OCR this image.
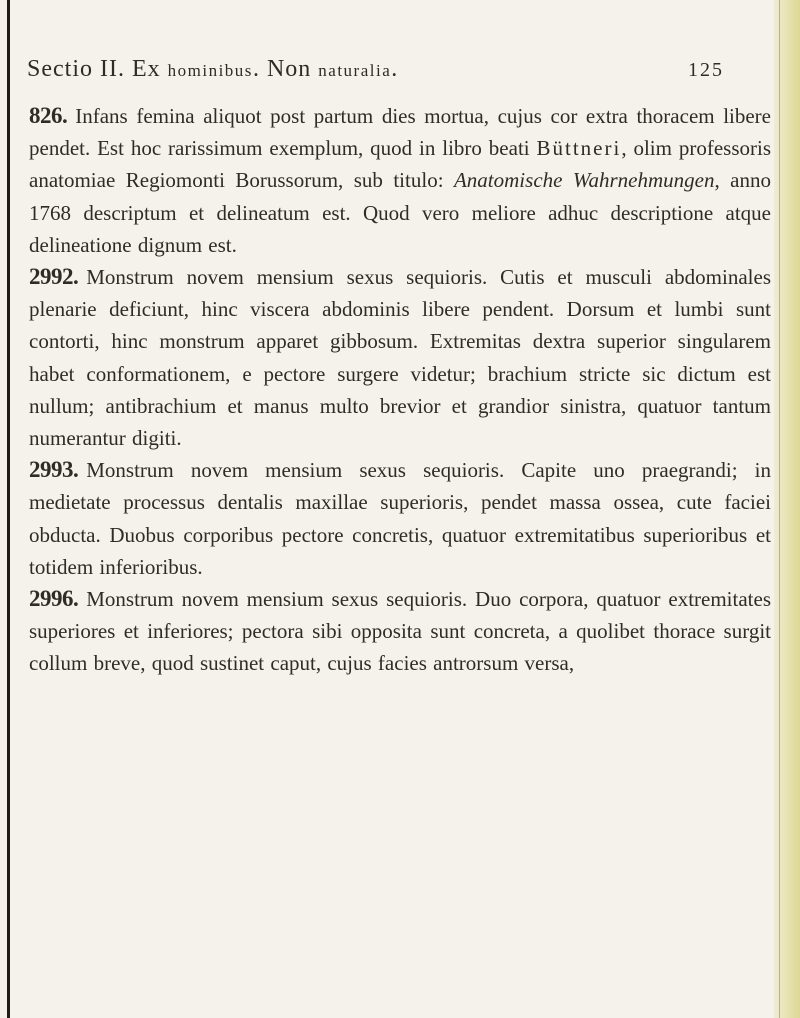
Sectio II. Ex hominibus. Non naturalia.	125

826. Infans femina aliquot post partum dies mortua, cujus cor extra thoracem libere pendet. Est hoc rarissimum exemplum, quod in libro beati Büttneri, olim professoris anatomiae Regiomonti Borussorum, sub titulo: Anatomische Wahrnehmungen, anno 1768 descriptum et delineatum est. Quod vero meliore adhuc descriptione atque delineatione dignum est.

2992. Monstrum novem mensium sexus sequioris. Cutis et musculi abdominales plenarie deficiunt, hinc viscera abdominis libere pendent. Dorsum et lumbi sunt contorti, hinc monstrum apparet gibbosum. Extremitas dextra superior singularem habet conformationem, e pectore surgere videtur; brachium stricte sic dictum est nullum; antibrachium et manus multo brevior et grandior sinistra, quatuor tantum numerantur digiti.

2993. Monstrum novem mensium sexus sequioris. Capite uno praegrandi; in medietate processus dentalis maxillae superioris, pendet massa ossea, cute faciei obducta. Duobus corporibus pectore concretis, quatuor extremitatibus superioribus et totidem inferioribus.

2996. Monstrum novem mensium sexus sequioris. Duo corpora, quatuor extremitates superiores et inferiores; pectora sibi opposita sunt concreta, a quolibet thorace surgit collum breve, quod sustinet caput, cujus facies antrorsum versa,
